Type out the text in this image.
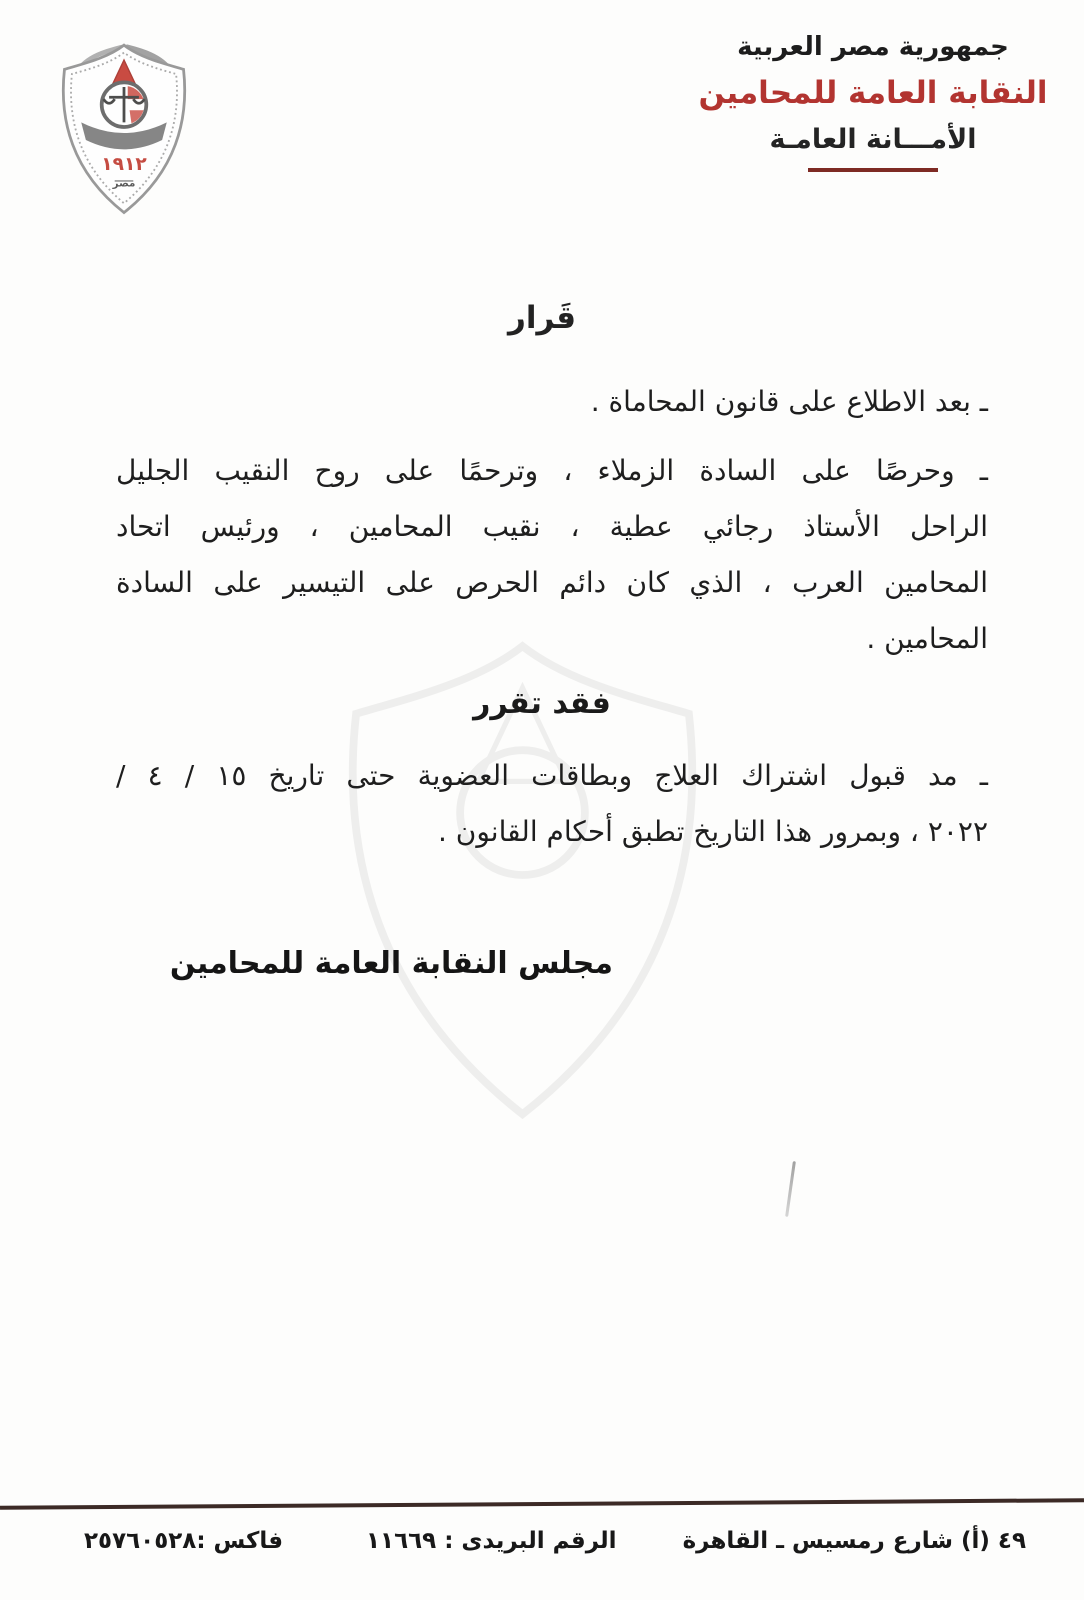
١٩١٢
مصر
جمهورية مصر العربية
النقابة العامة للمحامين
الأمـــانة العامـة
قَرار
ـ بعد الاطلاع على قانون المحاماة .
ـ وحرصًا على السادة الزملاء ، وترحمًا على روح النقيب الجليل
الراحل الأستاذ رجائي عطية ، نقيب المحامين ، ورئيس اتحاد
المحامين العرب ، الذي كان دائم الحرص على التيسير على السادة
المحامين .
فقد تقرر
ـ مد قبول اشتراك العلاج وبطاقات العضوية حتى تاريخ ١٥ / ٤ /
٢٠٢٢ ، وبمرور هذا التاريخ تطبق أحكام القانون .
مجلس النقابة العامة للمحامين
فاكس :٢٥٧٦٠٥٢٨	الرقم البريدى : ١١٦٦٩	٤٩ (أ) شارع رمسيس ـ القاهرة
